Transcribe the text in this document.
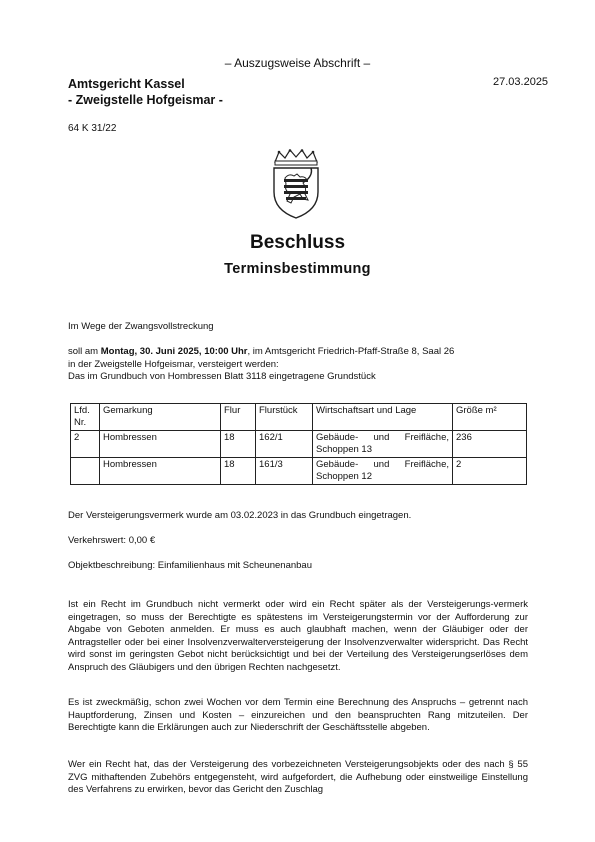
– Auszugsweise Abschrift –
Amtsgericht Kassel
- Zweigstelle Hofgeismar -
27.03.2025
64 K 31/22
Beschluss
Terminsbestimmung
Im Wege der Zwangsvollstreckung
soll am Montag, 30. Juni 2025, 10:00 Uhr, im Amtsgericht Friedrich-Pfaff-Straße 8, Saal 26
in der Zweigstelle Hofgeismar, versteigert werden:
Das im Grundbuch von Hombressen Blatt 3118 eingetragene Grundstück
Lfd. Nr.	Gemarkung	Flur	Flurstück	Wirtschaftsart und Lage	Größe m²
2	Hombressen	18	162/1	Gebäude- und Freifläche, Schoppen 13	236
	Hombressen	18	161/3	Gebäude- und Freifläche, Schoppen 12	2
Der Versteigerungsvermerk wurde am 03.02.2023 in das Grundbuch eingetragen.
Verkehrswert: 0,00 €
Objektbeschreibung: Einfamilienhaus mit Scheunenanbau
Ist ein Recht im Grundbuch nicht vermerkt oder wird ein Recht später als der Versteigerungs-vermerk eingetragen, so muss der Berechtigte es spätestens im Versteigerungstermin vor der Aufforderung zur Abgabe von Geboten anmelden. Er muss es auch glaubhaft machen, wenn der Gläubiger oder der Antragsteller oder bei einer Insolvenzverwalterversteigerung der Insolvenzverwalter widerspricht. Das Recht wird sonst im geringsten Gebot nicht berücksichtigt und bei der Verteilung des Versteigerungserlöses dem Anspruch des Gläubigers und den übrigen Rechten nachgesetzt.
Es ist zweckmäßig, schon zwei Wochen vor dem Termin eine Berechnung des Anspruchs – getrennt nach Hauptforderung, Zinsen und Kosten – einzureichen und den beanspruchten Rang mitzuteilen. Der Berechtigte kann die Erklärungen auch zur Niederschrift der Geschäftsstelle abgeben.
Wer ein Recht hat, das der Versteigerung des vorbezeichneten Versteigerungsobjekts oder des nach § 55 ZVG mithaftenden Zubehörs entgegensteht, wird aufgefordert, die Aufhebung oder einstweilige Einstellung des Verfahrens zu erwirken, bevor das Gericht den Zuschlag
